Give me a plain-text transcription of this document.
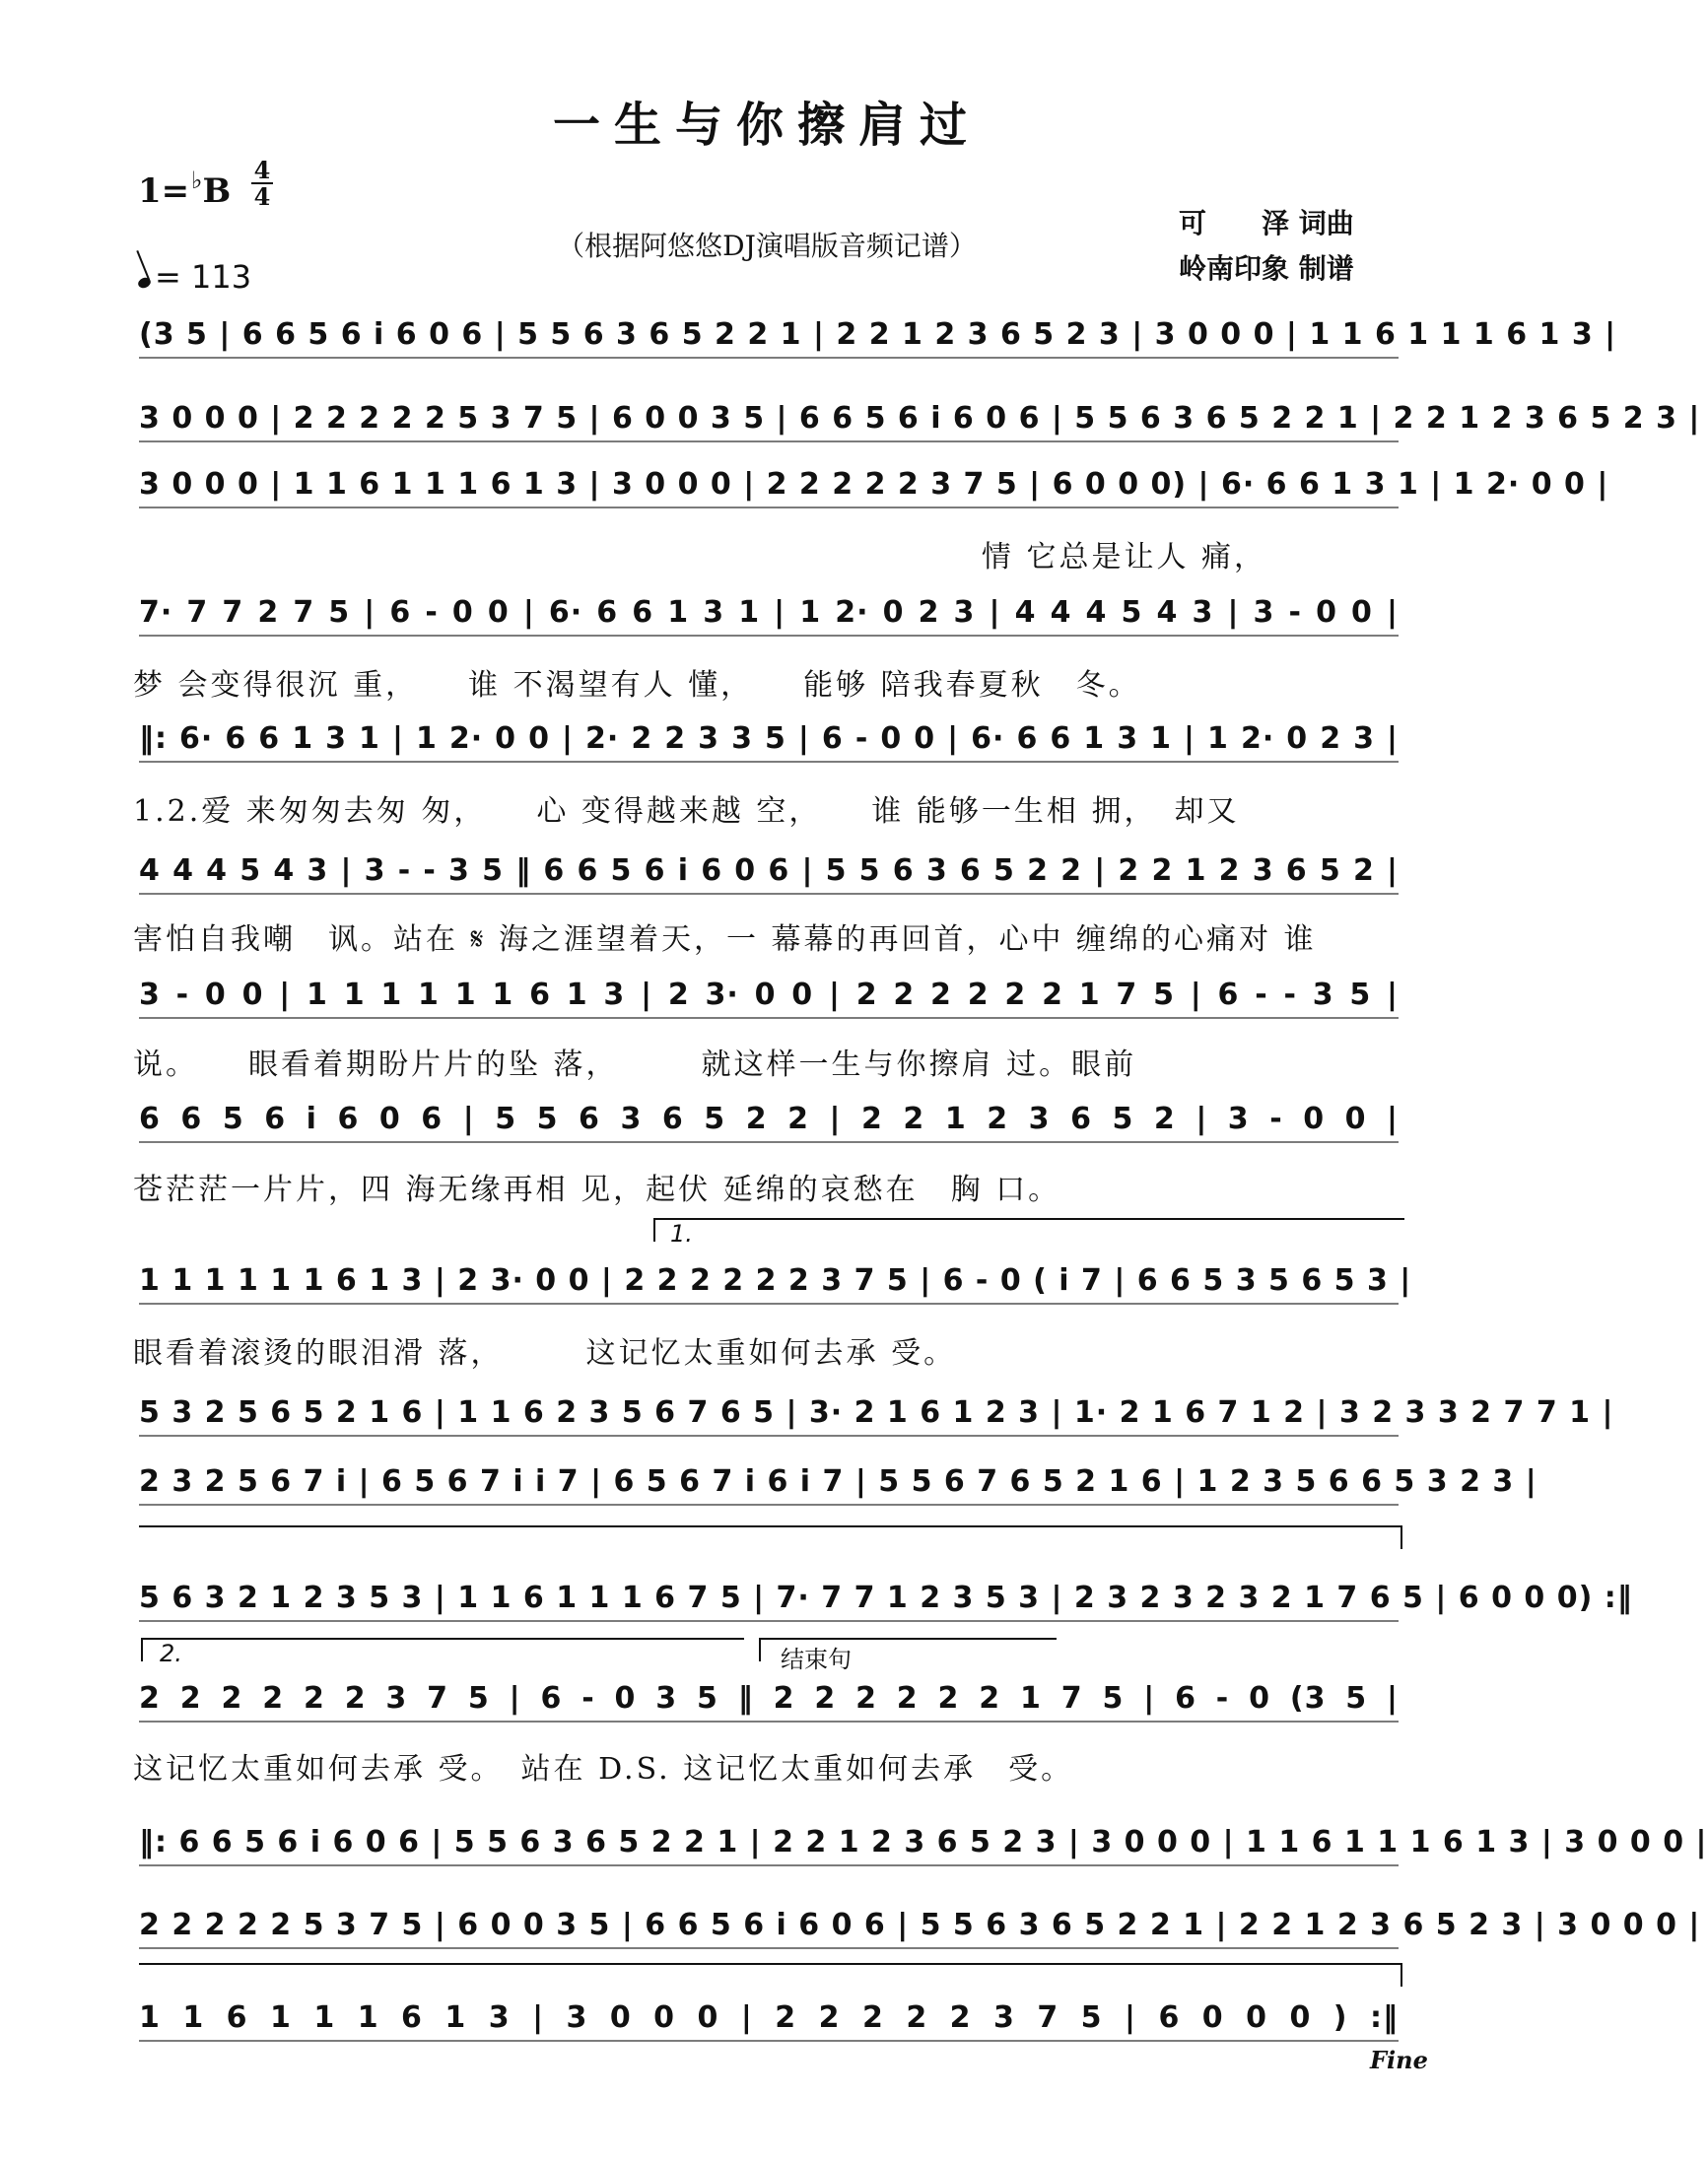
一生与你擦肩过
1=♭B
4
4
= 113
（根据阿悠悠DJ演唱版音频记谱）
可　　泽 词曲
岭南印象 制谱
(3 5 | 6 6 5 6 i 6 0 6 | 5 5 6 3 6 5 2 2 1 | 2 2 1 2 3 6 5 2 3 | 3 0 0 0 | 1 1 6 1 1 1 6 1 3 |
3 0 0 0 | 2 2 2 2 2 5 3 7 5 | 6 0 0 3 5 | 6 6 5 6 i 6 0 6 | 5 5 6 3 6 5 2 2 1 | 2 2 1 2 3 6 5 2 3 |
3 0 0 0 | 1 1 6 1 1 1 6 1 3 | 3 0 0 0 | 2 2 2 2 2 3 7 5 | 6 0 0 0) | 6· 6 6 1 3 1 | 1 2· 0 0 |
情 它总是让人 痛，
7· 7 7 2 7 5 | 6 - 0 0 | 6· 6 6 1 3 1 | 1 2· 0 2 3 | 4 4 4 5 4 3 | 3 - 0 0 |
梦 会变得很沉 重，　　谁 不渴望有人 懂，　　能够 陪我春夏秋　冬。
‖: 6· 6 6 1 3 1 | 1 2· 0 0 | 2· 2 2 3 3 5 | 6 - 0 0 | 6· 6 6 1 3 1 | 1 2· 0 2 3 |
1.2.爱 来匆匆去匆 匆，　　心 变得越来越 空，　　谁 能够一生相 拥，　却又
4 4 4 5 4 3 | 3 - - 3 5 ‖ 6 6 5 6 i 6 0 6 | 5 5 6 3 6 5 2 2 | 2 2 1 2 3 6 5 2 |
害怕自我嘲　讽。站在 𝄋 海之涯望着天，一 幕幕的再回首，心中 缠绵的心痛对 谁
3 - 0 0 | 1 1 1 1 1 1 6 1 3 | 2 3· 0 0 | 2 2 2 2 2 2 1 7 5 | 6 - - 3 5 |
说。　　眼看着期盼片片的坠 落，　　　就这样一生与你擦肩 过。眼前
6 6 5 6 i 6 0 6 | 5 5 6 3 6 5 2 2 | 2 2 1 2 3 6 5 2 | 3 - 0 0 |
苍茫茫一片片，四 海无缘再相 见，起伏 延绵的哀愁在　胸 口。
1.
1 1 1 1 1 1 6 1 3 | 2 3· 0 0 | 2 2 2 2 2 2 3 7 5 | 6 - 0 ( i 7 | 6 6 5 3 5 6 5 3 |
眼看着滚烫的眼泪滑 落，　　　这记忆太重如何去承 受。
5 3 2 5 6 5 2 1 6 | 1 1 6 2 3 5 6 7 6 5 | 3· 2 1 6 1 2 3 | 1· 2 1 6 7 1 2 | 3 2 3 3 2 7 7 1 |
2 3 2 5 6 7 i | 6 5 6 7 i i 7 | 6 5 6 7 i 6 i 7 | 5 5 6 7 6 5 2 1 6 | 1 2 3 5 6 6 5 3 2 3 |
5 6 3 2 1 2 3 5 3 | 1 1 6 1 1 1 6 7 5 | 7· 7 7 1 2 3 5 3 | 2 3 2 3 2 3 2 1 7 6 5 | 6 0 0 0) :‖
2.	结束句
2 2 2 2 2 2 3 7 5 | 6 - 0 3 5 ‖ 2 2 2 2 2 2 1 7 5 | 6 - 0 (3 5 |
这记忆太重如何去承 受。　站在 D.S. 这记忆太重如何去承　受。
‖: 6 6 5 6 i 6 0 6 | 5 5 6 3 6 5 2 2 1 | 2 2 1 2 3 6 5 2 3 | 3 0 0 0 | 1 1 6 1 1 1 6 1 3 | 3 0 0 0 |
2 2 2 2 2 5 3 7 5 | 6 0 0 3 5 | 6 6 5 6 i 6 0 6 | 5 5 6 3 6 5 2 2 1 | 2 2 1 2 3 6 5 2 3 | 3 0 0 0 |
1 1 6 1 1 1 6 1 3 | 3 0 0 0 | 2 2 2 2 2 3 7 5 | 6 0 0 0 ) :‖
Fine
